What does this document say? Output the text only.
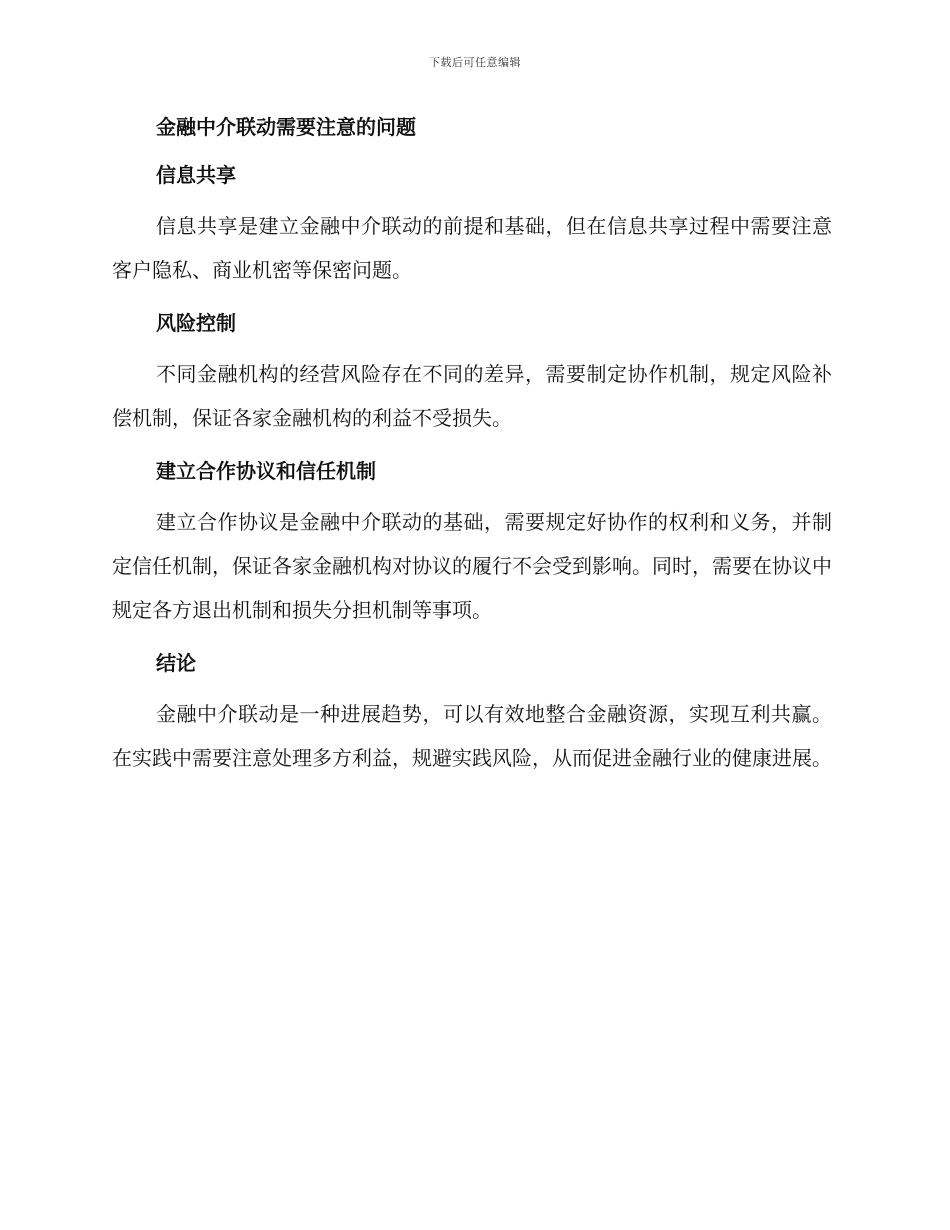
下载后可任意编辑
金融中介联动需要注意的问题
信息共享

信息共享是建立金融中介联动的前提和基础，但在信息共享过程中需要注意客户隐私、商业机密等保密问题。

风险控制

不同金融机构的经营风险存在不同的差异，需要制定协作机制，规定风险补偿机制，保证各家金融机构的利益不受损失。

建立合作协议和信任机制

建立合作协议是金融中介联动的基础，需要规定好协作的权利和义务，并制定信任机制，保证各家金融机构对协议的履行不会受到影响。同时，需要在协议中规定各方退出机制和损失分担机制等事项。

结论

金融中介联动是一种进展趋势，可以有效地整合金融资源，实现互利共赢。在实践中需要注意处理多方利益，规避实践风险，从而促进金融行业的健康进展。
